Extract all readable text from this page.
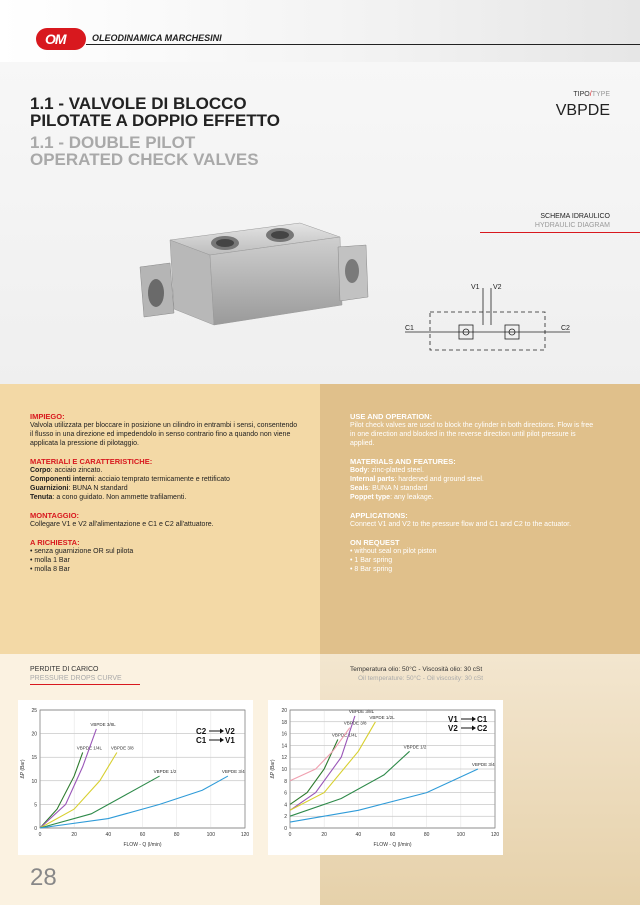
OM	OLEODINAMICA MARCHESINI
1.1 - VALVOLE DI BLOCCO
PILOTATE A DOPPIO EFFETTO
1.1 - DOUBLE PILOT
OPERATED CHECK VALVES
TIPO/TYPE
VBPDE
SCHEMA IDRAULICO
HYDRAULIC DIAGRAM
V1 V2
C1	C2
IMPIEGO:
Valvola utilizzata per bloccare in posizione un cilindro in entrambi i sensi, consentendo il flusso in una direzione ed impedendolo in senso contrario fino a quando non viene applicata la pressione di pilotaggio.
MATERIALI E CARATTERISTICHE:
Corpo: acciaio zincato.
Componenti interni: acciaio temprato termicamente e rettificato
Guarnizioni: BUNA N standard
Tenuta: a cono guidato. Non ammette trafilamenti.
MONTAGGIO:
Collegare V1 e V2 all'alimentazione e C1 e C2 all'attuatore.
A RICHIESTA:
• senza guarnizione OR sul pilota
• molla 1 Bar
• molla 8 Bar
USE AND OPERATION:
Pilot check valves are used to block the cylinder in both directions. Flow is free in one direction and blocked in the reverse direction until pilot pressure is applied.
MATERIALS AND FEATURES:
Body: zinc-plated steel.
Internal parts: hardened and ground steel.
Seals: BUNA N standard
Poppet type: any leakage.
APPLICATIONS:
Connect V1 and V2 to the pressure flow and C1 and C2 to the actuator.
ON REQUEST
• without seal on pilot piston
• 1 Bar spring
• 8 Bar spring
PERDITE DI CARICO
PRESSURE DROPS CURVE
Temperatura olio: 50°C - Viscosità olio: 30 cSt
Oil temperature: 50°C - Oil viscosity: 30 cSt
0
5
10
15
20
25
0	20	40	60	80	100	120
FLOW - Q (l/min)
ΔP (Bar)
VBPDE 1/4L
VBPDE 3/8L
VBPDE 3/8
VBPDE 1/2	VBPDE 3/4
C2 V2
C1 V1
0
2
4
6
8
10
12
14
16
18
20
0	20	40	60	80	100	120
FLOW - Q (l/min)
ΔP (Bar)
VBPDE 1/4L
VBPDE 3/8L
VBPDE 1/2L
VBPDE 3/8
VBPDE 1/2
VBPDE 3/4
V1 C1
V2 C2
28
